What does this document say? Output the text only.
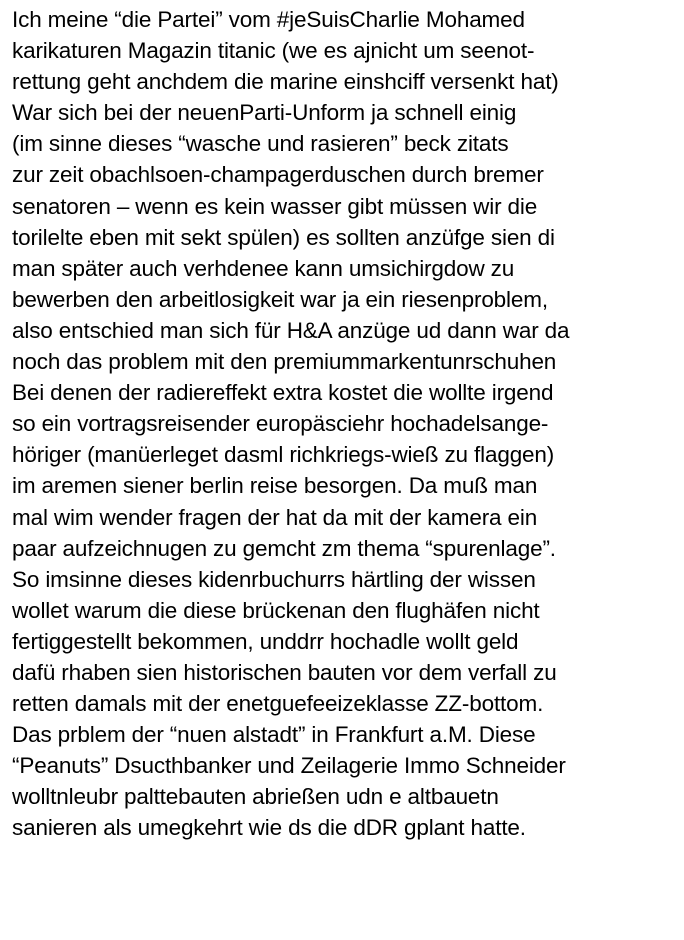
Ich meine “die Partei” vom #jeSuisCharlie Mohamed
karikaturen Magazin titanic (we es ajnicht um seenot-
rettung geht anchdem die marine einshciff versenkt hat)
War sich bei der neuenParti-Unform ja schnell einig
(im sinne dieses “wasche und rasieren” beck zitats
zur zeit obachlsoen-champagerduschen durch bremer
senatoren – wenn es kein wasser gibt müssen wir die
torilelte eben mit sekt spülen) es sollten anzüfge sien di
man später auch verhdenee kann umsichirgdow zu
bewerben den arbeitlosigkeit war ja ein riesenproblem,
also entschied man sich für H&A anzüge ud dann war da
noch das problem mit den premiummarkentunrschuhen
Bei denen der radiereffekt extra kostet die wollte irgend
so ein vortragsreisender europäsciehr hochadelsange-
höriger (manüerleget dasml richkriegs-wieß zu flaggen)
im aremen siener berlin reise besorgen. Da muß man
mal wim wender fragen der hat da mit der kamera ein
paar aufzeichnugen zu gemcht zm thema “spurenlage”.
So imsinne dieses kidenrbuchurrs härtling der wissen
wollet warum die diese brückenan den flughäfen nicht
fertiggestellt bekommen, unddrr hochadle wollt geld
dafü rhaben sien historischen bauten vor dem verfall zu
retten damals mit der enetguefeeizeklasse ZZ-bottom.
Das prblem der “nuen alstadt” in Frankfurt a.M. Diese
“Peanuts” Dsucthbanker und Zeilagerie Immo Schneider
wolltnleubr palttebauten abrießen udn e altbauetn
sanieren als umegkehrt wie ds die dDR gplant hatte.
